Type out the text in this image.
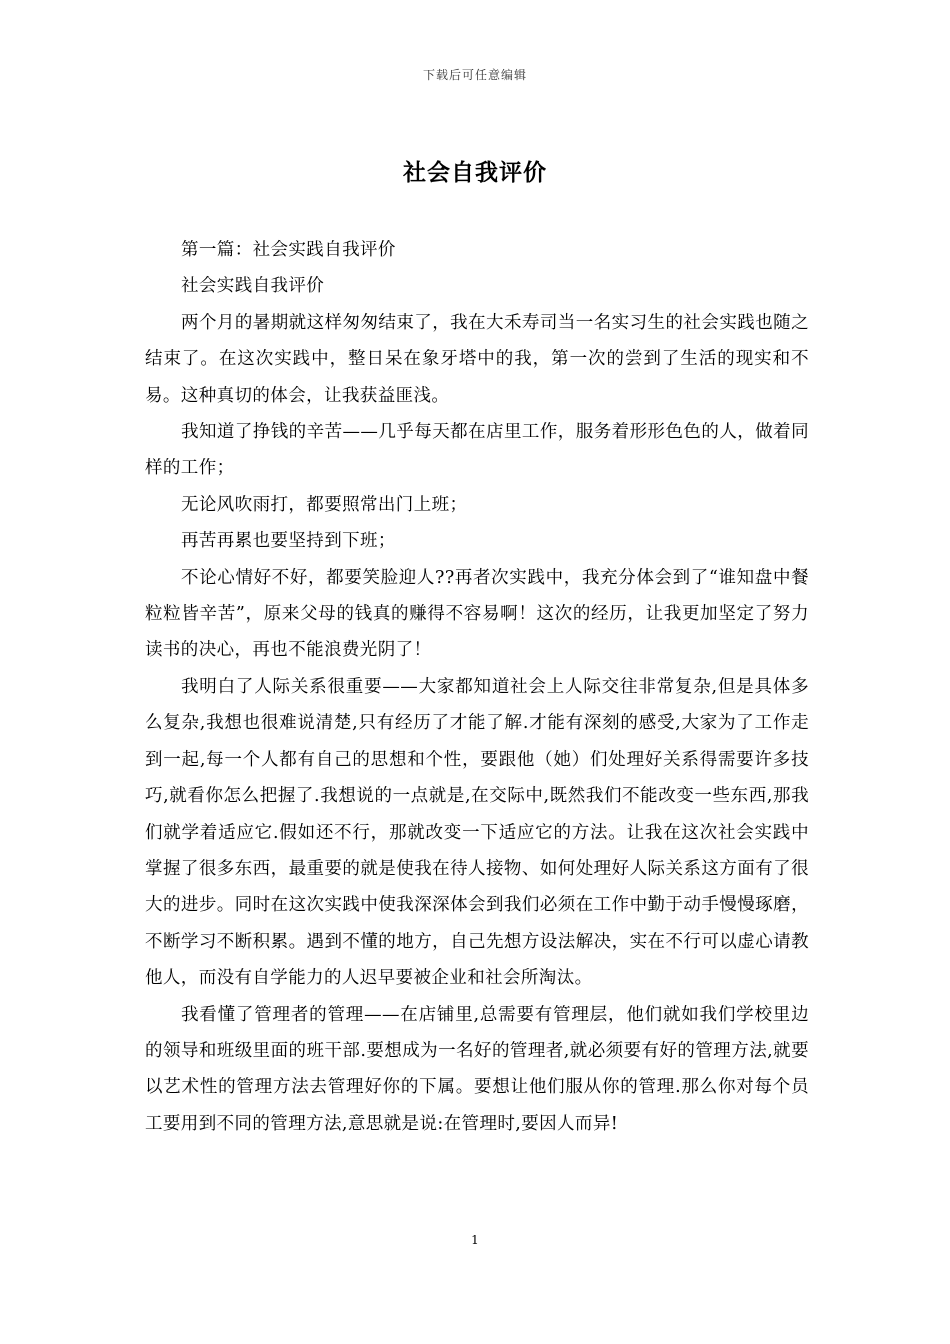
下载后可任意编辑
社会自我评价

第一篇：社会实践自我评价

社会实践自我评价

两个月的暑期就这样匆匆结束了，我在大禾寿司当一名实习生的社会实践也随之结束了。在这次实践中，整日呆在象牙塔中的我，第一次的尝到了生活的现实和不易。这种真切的体会，让我获益匪浅。

我知道了挣钱的辛苦——几乎每天都在店里工作，服务着形形色色的人，做着同样的工作；

无论风吹雨打，都要照常出门上班；

再苦再累也要坚持到下班；

不论心情好不好，都要笑脸迎人??再者次实践中，我充分体会到了“谁知盘中餐粒粒皆辛苦”，原来父母的钱真的赚得不容易啊！这次的经历，让我更加坚定了努力读书的决心，再也不能浪费光阴了！

我明白了人际关系很重要——大家都知道社会上人际交往非常复杂,但是具体多么复杂,我想也很难说清楚,只有经历了才能了解.才能有深刻的感受,大家为了工作走到一起,每一个人都有自己的思想和个性，要跟他（她）们处理好关系得需要许多技巧,就看你怎么把握了.我想说的一点就是,在交际中,既然我们不能改变一些东西,那我们就学着适应它.假如还不行，那就改变一下适应它的方法。让我在这次社会实践中掌握了很多东西，最重要的就是使我在待人接物、如何处理好人际关系这方面有了很大的进步。同时在这次实践中使我深深体会到我们必须在工作中勤于动手慢慢琢磨，不断学习不断积累。遇到不懂的地方，自己先想方设法解决，实在不行可以虚心请教他人，而没有自学能力的人迟早要被企业和社会所淘汰。

我看懂了管理者的管理——在店铺里,总需要有管理层，他们就如我们学校里边的领导和班级里面的班干部.要想成为一名好的管理者,就必须要有好的管理方法,就要以艺术性的管理方法去管理好你的下属。要想让他们服从你的管理.那么你对每个员工要用到不同的管理方法,意思就是说:在管理时,要因人而异!

1
